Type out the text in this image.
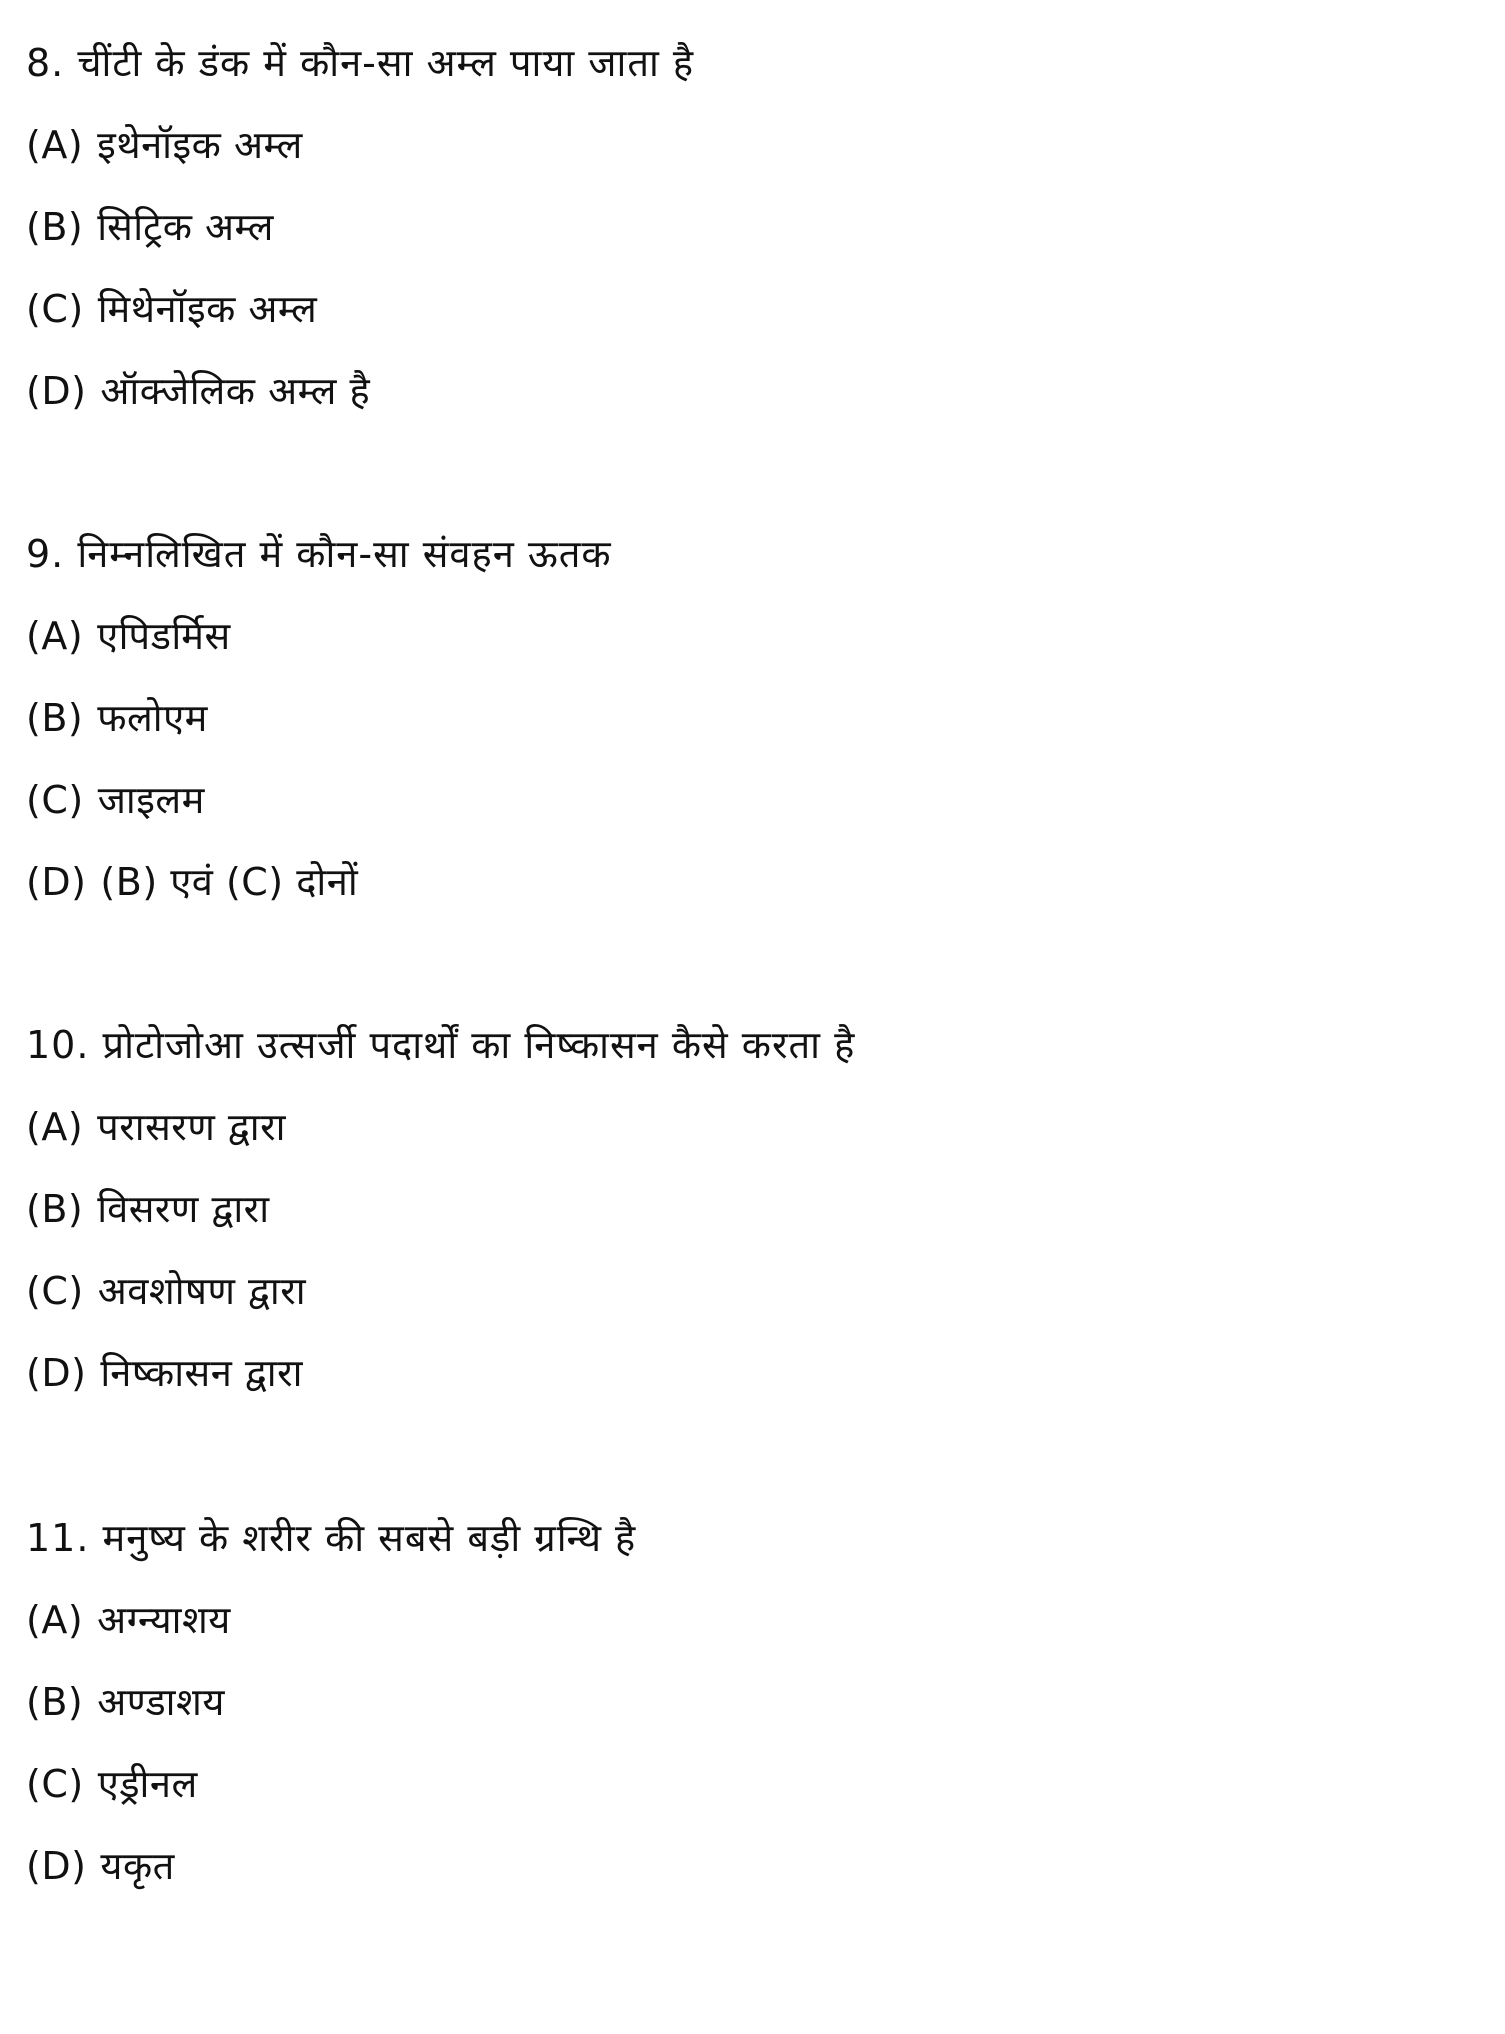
8. चींटी के डंक में कौन-सा अम्ल पाया जाता है
(A) इथेनॉइक अम्ल
(B) सिट्रिक अम्ल
(C) मिथेनॉइक अम्ल
(D) ऑक्जेलिक अम्ल है
9. निम्नलिखित में कौन-सा संवहन ऊतक
(A) एपिडर्मिस
(B) फलोएम
(C) जाइलम
(D) (B) एवं (C) दोनों
10. प्रोटोजोआ उत्सर्जी पदार्थों का निष्कासन कैसे करता है
(A) परासरण द्वारा
(B) विसरण द्वारा
(C) अवशोषण द्वारा
(D) निष्कासन द्वारा
11. मनुष्य के शरीर की सबसे बड़ी ग्रन्थि है
(A) अग्न्याशय
(B) अण्डाशय
(C) एड्रीनल
(D) यकृत
